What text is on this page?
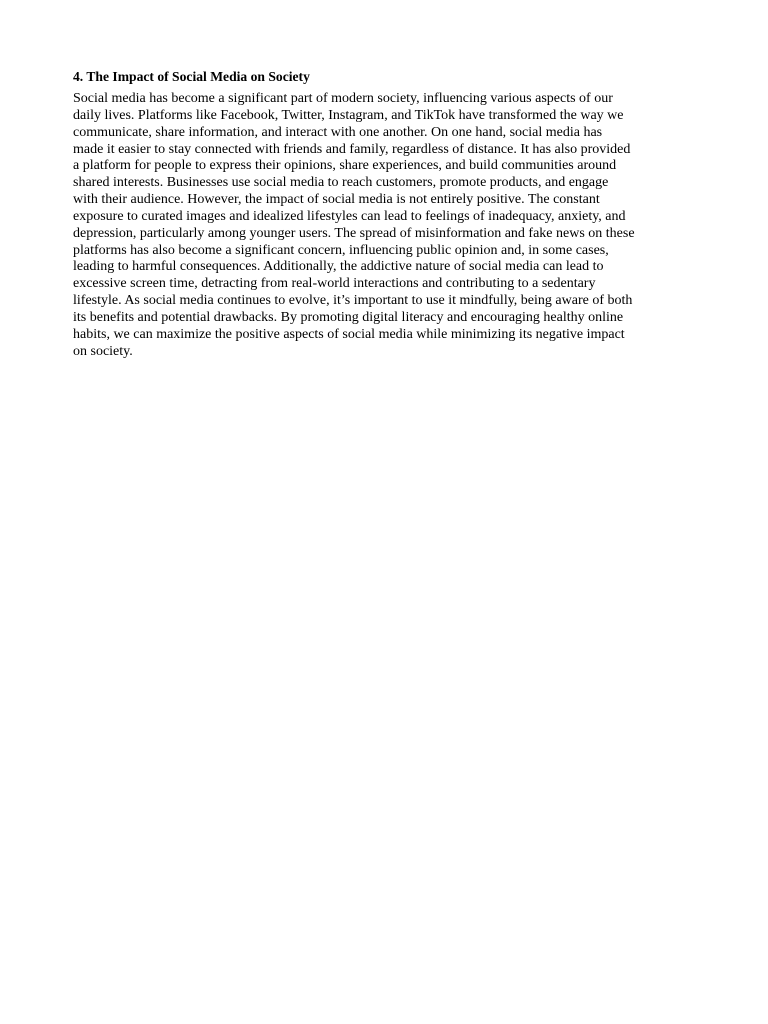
4. The Impact of Social Media on Society

Social media has become a significant part of modern society, influencing various aspects of our
daily lives. Platforms like Facebook, Twitter, Instagram, and TikTok have transformed the way we
communicate, share information, and interact with one another. On one hand, social media has
made it easier to stay connected with friends and family, regardless of distance. It has also provided
a platform for people to express their opinions, share experiences, and build communities around
shared interests. Businesses use social media to reach customers, promote products, and engage
with their audience. However, the impact of social media is not entirely positive. The constant
exposure to curated images and idealized lifestyles can lead to feelings of inadequacy, anxiety, and
depression, particularly among younger users. The spread of misinformation and fake news on these
platforms has also become a significant concern, influencing public opinion and, in some cases,
leading to harmful consequences. Additionally, the addictive nature of social media can lead to
excessive screen time, detracting from real-world interactions and contributing to a sedentary
lifestyle. As social media continues to evolve, it’s important to use it mindfully, being aware of both
its benefits and potential drawbacks. By promoting digital literacy and encouraging healthy online
habits, we can maximize the positive aspects of social media while minimizing its negative impact
on society.
